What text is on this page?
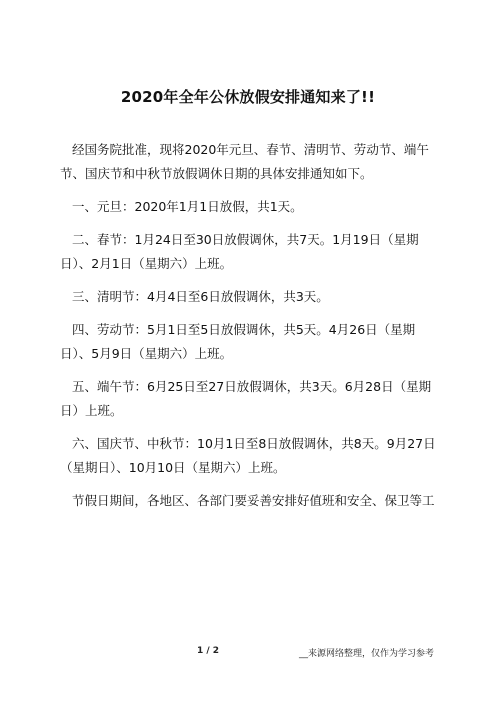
2020年全年公休放假安排通知来了!!

经国务院批准，现将2020年元旦、春节、清明节、劳动节、端午节、国庆节和中秋节放假调休日期的具体安排通知如下。

一、元旦：2020年1月1日放假，共1天。

二、春节：1月24日至30日放假调休，共7天。1月19日（星期日）、2月1日（星期六）上班。

三、清明节：4月4日至6日放假调休，共3天。

四、劳动节：5月1日至5日放假调休，共5天。4月26日（星期日）、5月9日（星期六）上班。

五、端午节：6月25日至27日放假调休，共3天。6月28日（星期日）上班。

六、国庆节、中秋节：10月1日至8日放假调休，共8天。9月27日（星期日）、10月10日（星期六）上班。

节假日期间，各地区、各部门要妥善安排好值班和安全、保卫等工

1 / 2	__来源网络整理，仅作为学习参考
